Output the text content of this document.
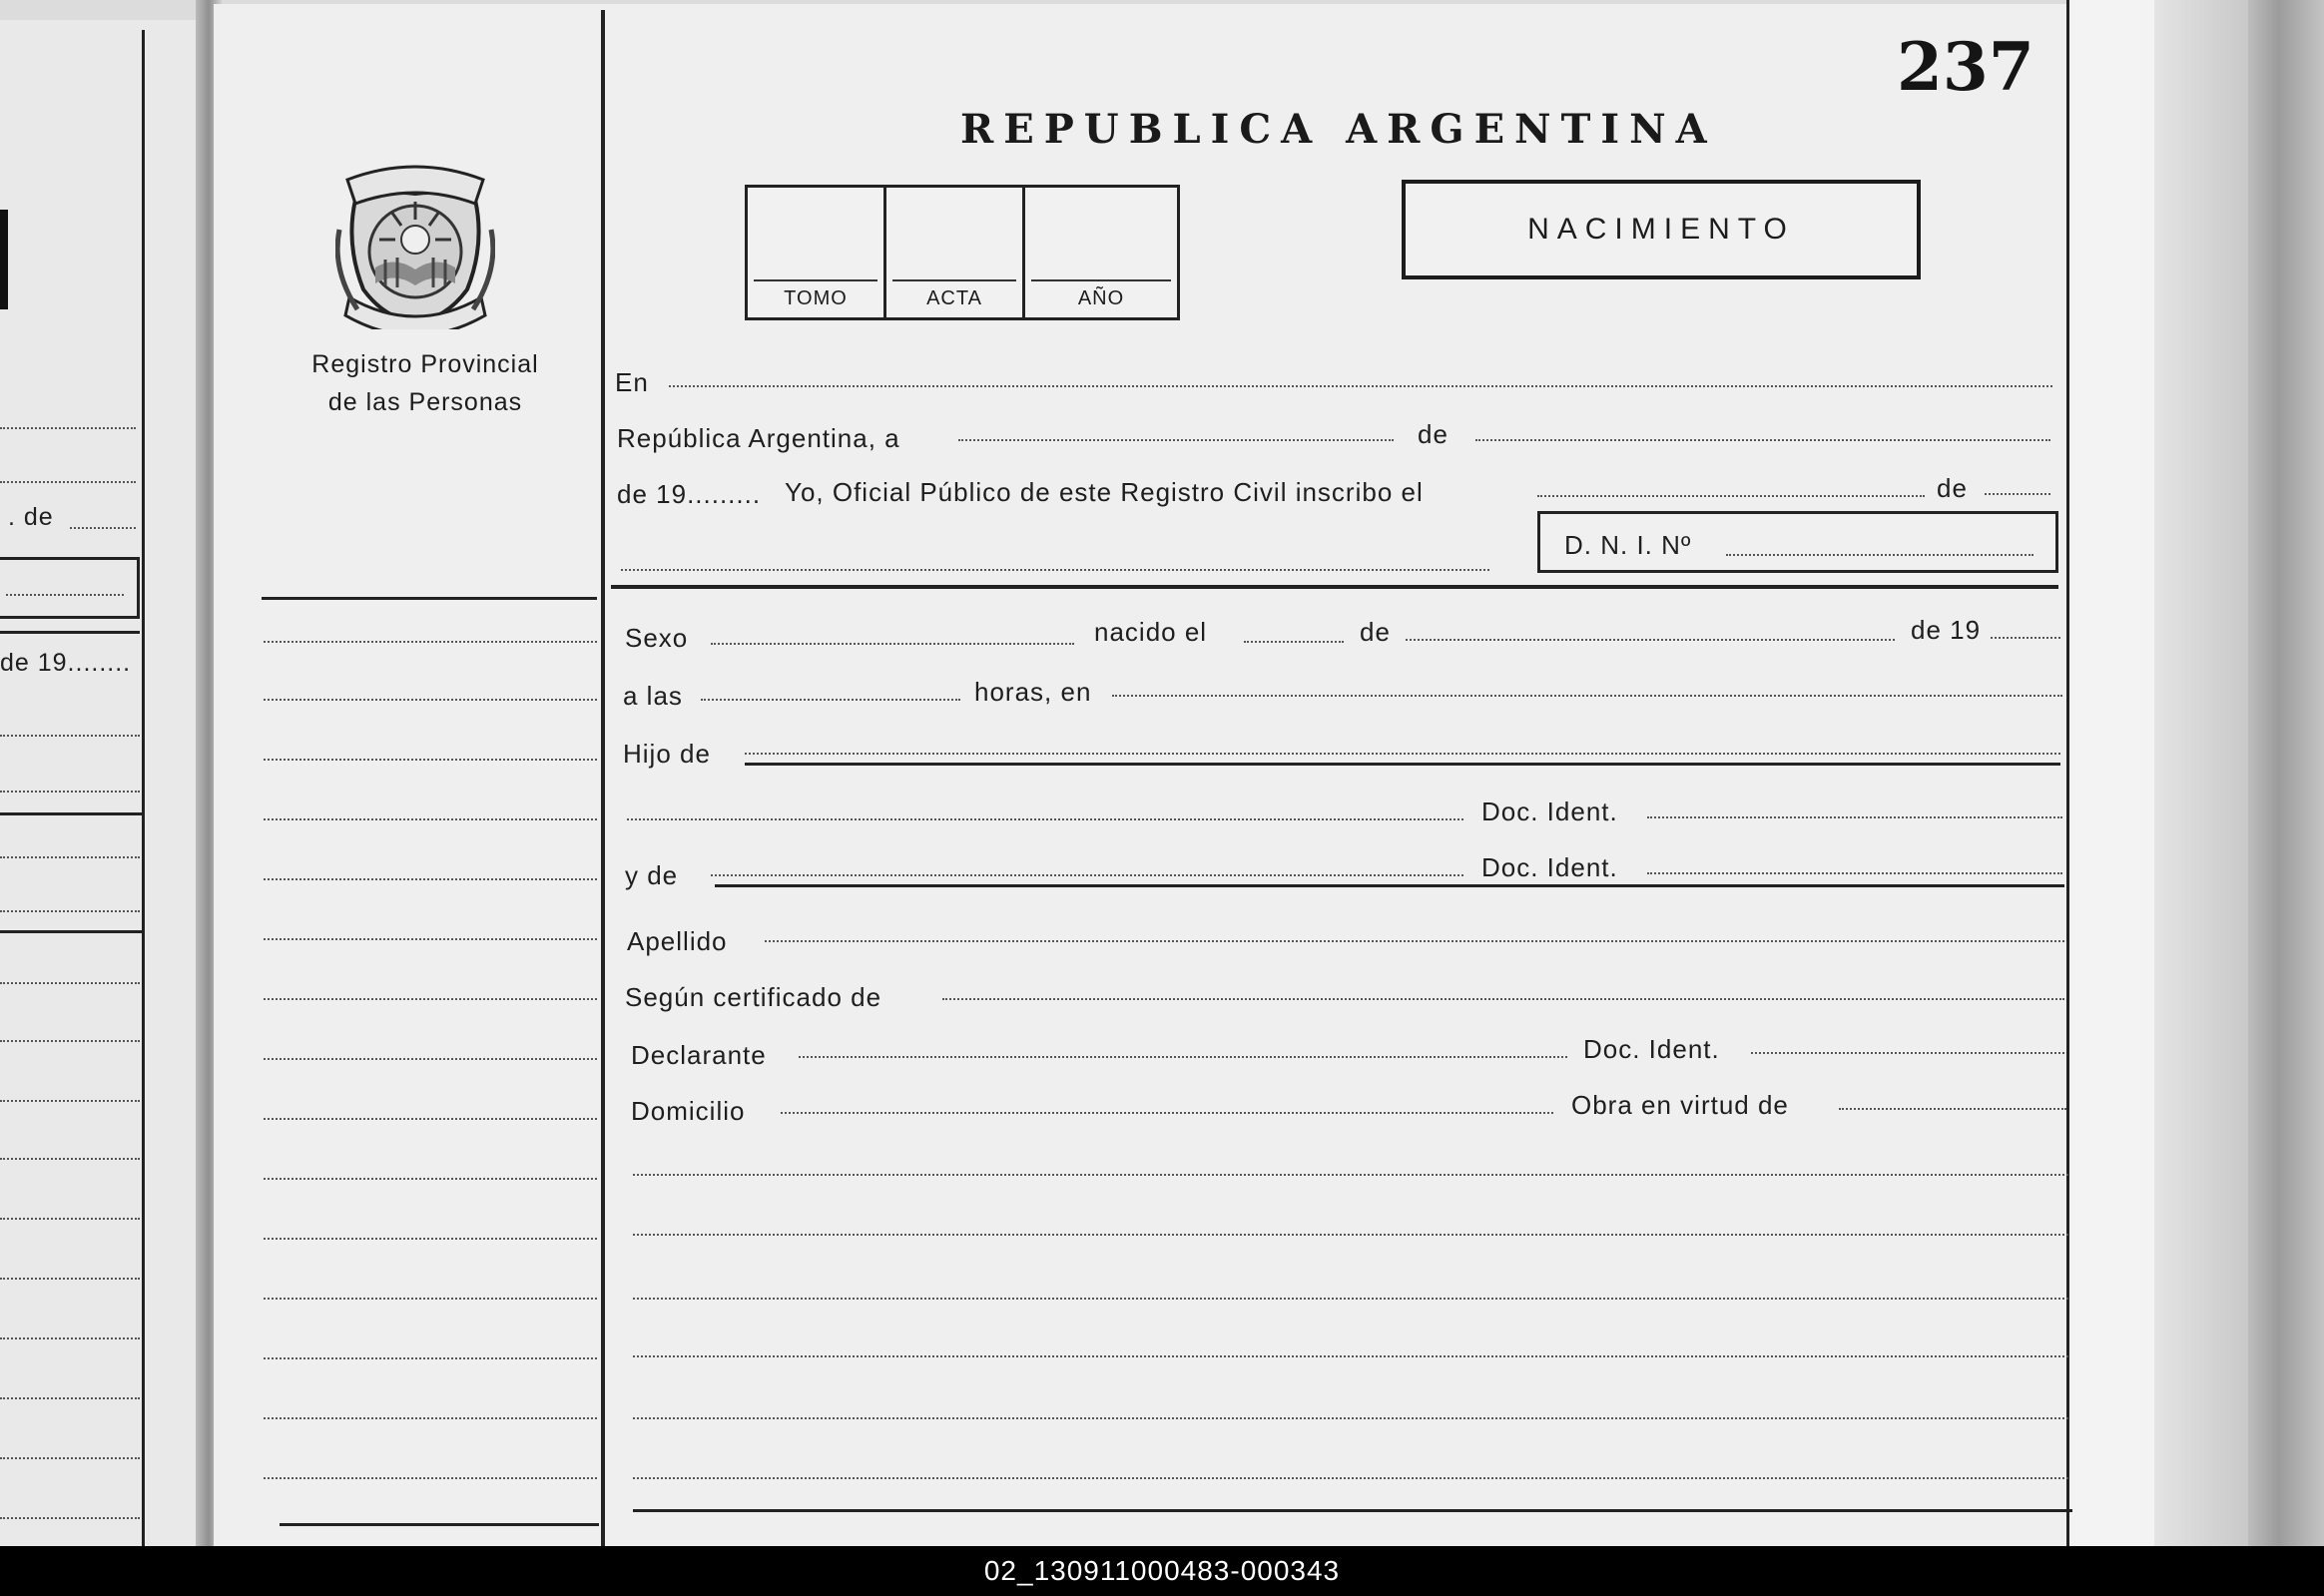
. de
de 19........
237
REPUBLICA ARGENTINA
TOMO	ACTA	AÑO
NACIMIENTO
Registro Provincial
de las Personas
En
República Argentina, a	de
de 19......... Yo, Oficial Público de este Registro Civil inscribo el	de
D. N. I. Nº
Sexo	nacido el	de	de 19
a las	horas, en
Hijo de
Doc. Ident.
y de	Doc. Ident.
Apellido
Según certificado de
Declarante	Doc. Ident.
Domicilio	Obra en virtud de
02_130911000483-000343
